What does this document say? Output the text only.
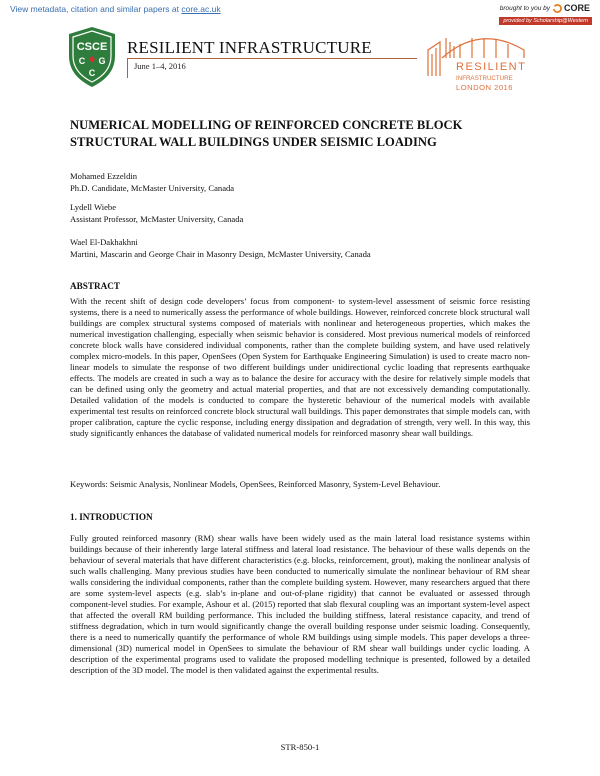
View metadata, citation and similar papers at core.ac.uk	brought to you by CORE
provided by Scholarship@Western
CSCE
C G
C
RESILIENT INFRASTRUCTURE
June 1–4, 2016	RESILIENT
INFRASTRUCTURE
LONDON 2016
NUMERICAL MODELLING OF REINFORCED CONCRETE BLOCK
STRUCTURAL WALL BUILDINGS UNDER SEISMIC LOADING
Mohamed Ezzeldin
Ph.D. Candidate, McMaster University, Canada
Lydell Wiebe
Assistant Professor, McMaster University, Canada
Wael El-Dakhakhni
Martini, Mascarin and George Chair in Masonry Design, McMaster University, Canada
ABSTRACT
With the recent shift of design code developers’ focus from component- to system-level assessment of seismic force resisting systems, there is a need to numerically assess the performance of whole buildings. However, reinforced concrete block structural wall buildings are complex structural systems composed of materials with nonlinear and heterogeneous properties, which makes the numerical investigation challenging, especially when seismic behavior is considered. Most previous numerical models of reinforced concrete block walls have considered individual components, rather than the complete building system, and have used relatively complex micro-models. In this paper, OpenSees (Open System for Earthquake Engineering Simulation) is used to create macro non-linear models to simulate the response of two different buildings under unidirectional cyclic loading that represents earthquake effects. The models are created in such a way as to balance the desire for accuracy with the desire for relatively simple models that can be defined using only the geometry and actual material properties, and that are not excessively demanding computationally. Detailed validation of the models is conducted to compare the hysteretic behaviour of the numerical models with available experimental test results on reinforced concrete block structural wall buildings. This paper demonstrates that simple models can, with proper calibration, capture the cyclic response, including energy dissipation and degradation of strength, very well. In this way, this study significantly enhances the database of validated numerical models for reinforced masonry shear wall buildings.
Keywords: Seismic Analysis, Nonlinear Models, OpenSees, Reinforced Masonry, System-Level Behaviour.
1. INTRODUCTION
Fully grouted reinforced masonry (RM) shear walls have been widely used as the main lateral load resistance systems within buildings because of their inherently large lateral stiffness and lateral load resistance. The behaviour of these walls depends on the behaviour of several materials that have different characteristics (e.g. blocks, reinforcement, grout), making the nonlinear analysis of such walls challenging. Many previous studies have been conducted to numerically simulate the nonlinear behaviour of RM shear walls considering the individual components, rather than the complete building system. However, many researchers argued that there are some system-level aspects (e.g. slab’s in-plane and out-of-plane rigidity) that cannot be evaluated or assessed through component-level studies. For example, Ashour et al. (2015) reported that slab flexural coupling was an important system-level aspect that affected the overall RM building performance. This included the building stiffness, lateral resistance capacity, and trend of stiffness degradation, which in turn would significantly change the overall building response under seismic loading. Consequently, there is a need to numerically quantify the performance of whole RM buildings using simple models. This paper develops a three-dimensional (3D) numerical model in OpenSees to simulate the behaviour of RM shear wall buildings under cyclic loading. A description of the experimental programs used to validate the proposed modelling technique is presented, followed by a detailed description of the 3D model. The model is then validated against the experimental results.
STR-850-1
